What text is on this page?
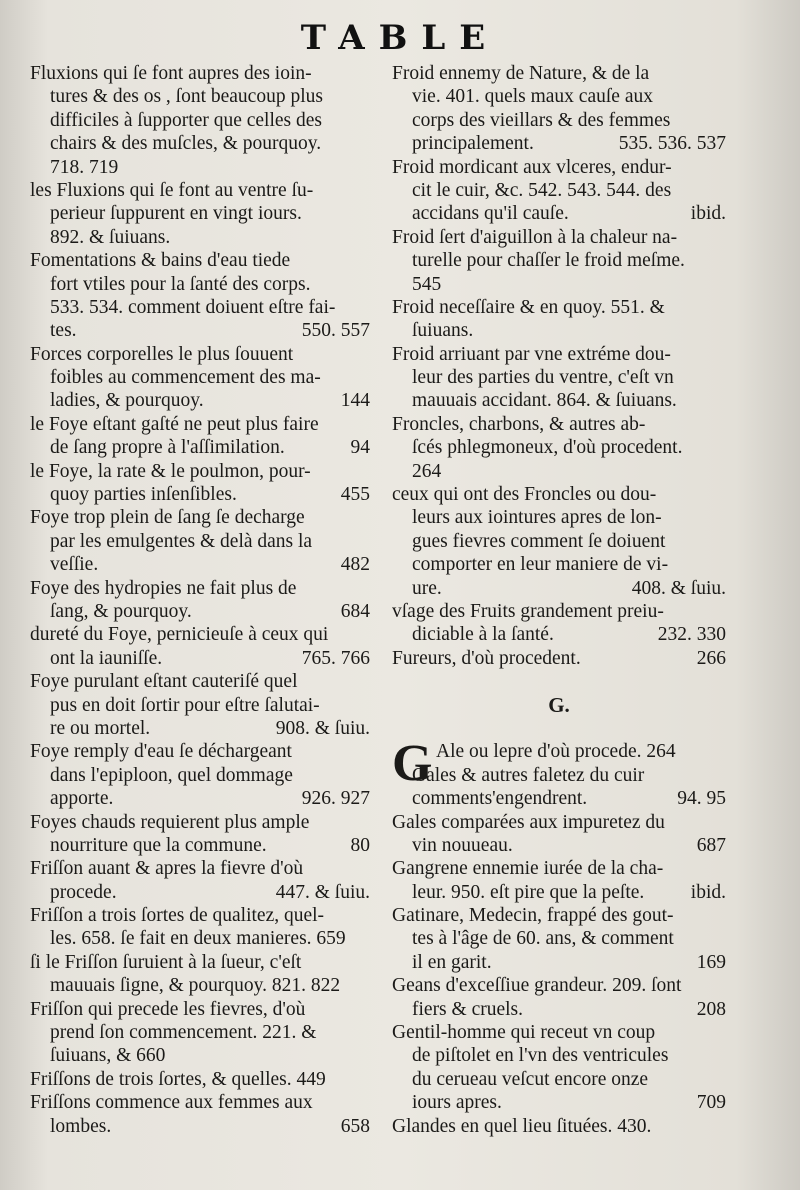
TABLE
Fluxions qui ſe font aupres des ioin-
tures & des os , ſont beaucoup plus
difficiles à ſupporter que celles des
chairs & des muſcles, & pourquoy.
718. 719
les Fluxions qui ſe font au ventre ſu-
perieur ſuppurent en vingt iours.
892. & ſuiuans.
Fomentations & bains d'eau tiede
fort vtiles pour la ſanté des corps.
533. 534. comment doiuent eſtre fai-
tes.	550. 557
Forces corporelles le plus ſouuent
foibles au commencement des ma-
ladies, & pourquoy.	144
le Foye eſtant gaſté ne peut plus faire
de ſang propre à l'aſſimilation.	94
le Foye, la rate & le poulmon, pour-
quoy parties inſenſibles.	455
Foye trop plein de ſang ſe decharge
par les emulgentes & delà dans la
veſſie.	482
Foye des hydropies ne fait plus de
ſang, & pourquoy.	684
dureté du Foye, pernicieuſe à ceux qui
ont la iauniſſe.	765. 766
Foye purulant eſtant cauteriſé quel
pus en doit ſortir pour eſtre ſalutai-
re ou mortel.	908. & ſuiu.
Foye remply d'eau ſe déchargeant
dans l'epiploon, quel dommage
apporte.	926. 927
Foyes chauds requierent plus ample
nourriture que la commune.	80
Friſſon auant & apres la fievre d'où
procede.	447. & ſuiu.
Friſſon a trois ſortes de qualitez, quel-
les. 658. ſe fait en deux manieres. 659
ſi le Friſſon ſuruient à la ſueur, c'eſt
mauuais ſigne, & pourquoy. 821. 822
Friſſon qui precede les fievres, d'où
prend ſon commencement. 221. &
ſuiuans, & 660
Friſſons de trois ſortes, & quelles. 449
Friſſons commence aux femmes aux
lombes.	658
Froid ennemy de Nature, & de la
vie. 401. quels maux cauſe aux
corps des vieillars & des femmes
principalement.	535. 536. 537
Froid mordicant aux vlceres, endur-
cit le cuir, &c. 542. 543. 544. des
accidans qu'il cauſe.	ibid.
Froid ſert d'aiguillon à la chaleur na-
turelle pour chaſſer le froid meſme.
545
Froid neceſſaire & en quoy. 551. &
ſuiuans.
Froid arriuant par vne extréme dou-
leur des parties du ventre, c'eſt vn
mauuais accidant. 864. & ſuiuans.
Froncles, charbons, & autres ab-
ſcés phlegmoneux, d'où procedent.
264
ceux qui ont des Froncles ou dou-
leurs aux iointures apres de lon-
gues fievres comment ſe doiuent
comporter en leur maniere de vi-
ure.	408. & ſuiu.
vſage des Fruits grandement preiu-
diciable à la ſanté.	232. 330
Fureurs, d'où procedent.	266
G.
G Ale ou lepre d'où procede. 264
Gales & autres faletez du cuir
comments'engendrent.	94. 95
Gales comparées aux impuretez du
vin nouueau.	687
Gangrene ennemie iurée de la cha-
leur. 950. eſt pire que la peſte. ibid.
Gatinare, Medecin, frappé des gout-
tes à l'âge de 60. ans, & comment
il en garit.	169
Geans d'exceſſiue grandeur. 209. ſont
fiers & cruels.	208
Gentil-homme qui receut vn coup
de piſtolet en l'vn des ventricules
du cerueau veſcut encore onze
iours apres.	709
Glandes en quel lieu ſituées. 430.
